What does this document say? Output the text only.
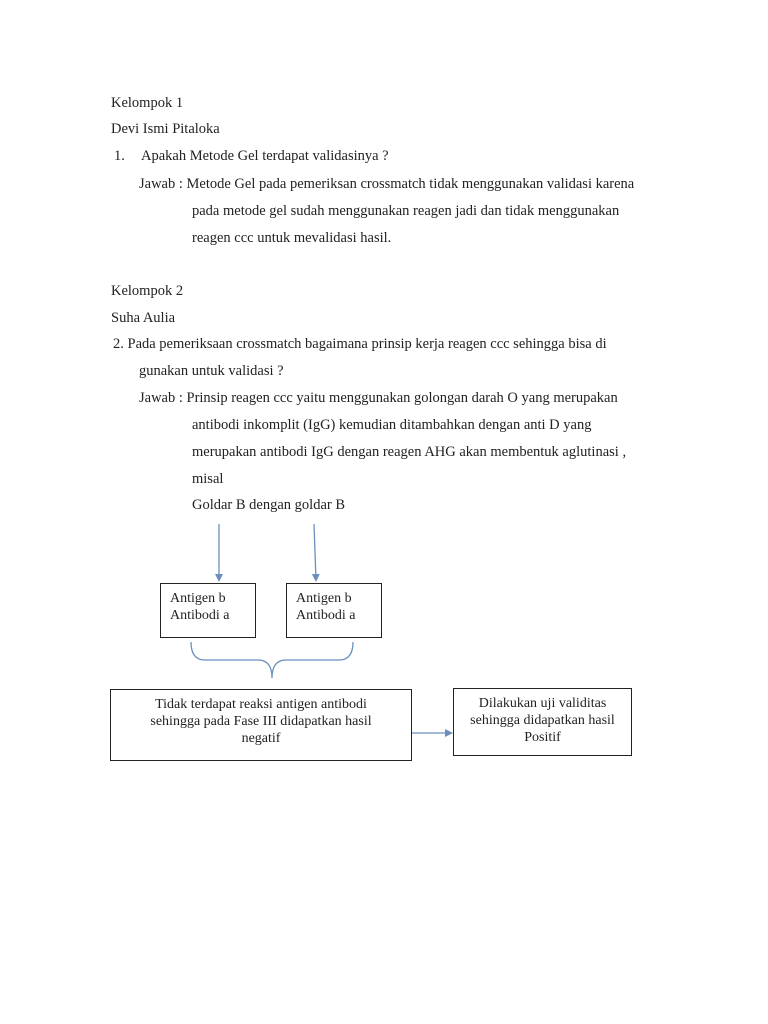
Kelompok 1
Devi Ismi Pitaloka
1. Apakah Metode Gel terdapat validasinya ?
Jawab : Metode Gel pada pemeriksan crossmatch tidak menggunakan validasi karena
pada metode gel sudah menggunakan reagen jadi dan tidak menggunakan
reagen ccc untuk mevalidasi hasil.
Kelompok 2
Suha Aulia
2. Pada pemeriksaan crossmatch bagaimana prinsip kerja reagen ccc sehingga bisa di
gunakan untuk validasi ?
Jawab : Prinsip reagen ccc yaitu menggunakan golongan darah O yang merupakan
antibodi inkomplit (IgG) kemudian ditambahkan dengan anti D yang
merupakan antibodi IgG dengan reagen AHG akan membentuk aglutinasi ,
misal
Goldar B dengan goldar B
Antigen b
Antibodi a
Antigen b
Antibodi a
Tidak terdapat reaksi antigen antibodi
sehingga pada Fase III didapatkan hasil
negatif
Dilakukan uji validitas
sehingga didapatkan hasil
Positif
